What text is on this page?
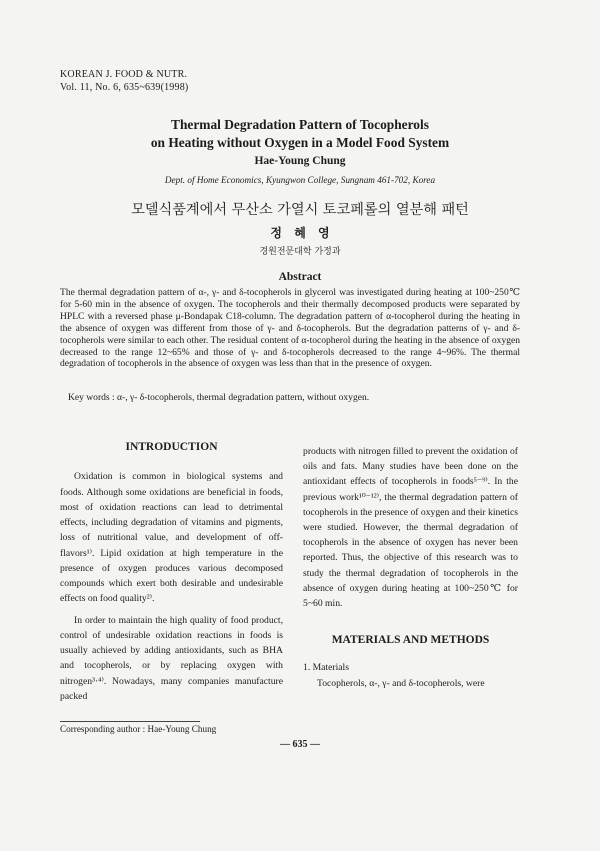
KOREAN J. FOOD & NUTR.
Vol. 11, No. 6, 635~639(1998)
Thermal Degradation Pattern of Tocopherols
on Heating without Oxygen in a Model Food System
Hae-Young Chung
Dept. of Home Economics, Kyungwon College, Sungnam 461-702, Korea
모델식품계에서 무산소 가열시 토코페롤의 열분해 패턴
정 혜 영
경원전문대학 가정과
Abstract
The thermal degradation pattern of α-, γ- and δ-tocopherols in glycerol was investigated during heating at 100~250℃ for 5-60 min in the absence of oxygen. The tocopherols and their thermally decomposed products were separated by HPLC with a reversed phase μ-Bondapak C18-column. The degradation pattern of α-tocopherol during the heating in the absence of oxygen was different from those of γ- and δ-tocopherols. But the degradation patterns of γ- and δ-tocopherols were similar to each other. The residual content of α-tocopherol during the heating in the absence of oxygen decreased to the range 12~65% and those of γ- and δ-tocopherols decreased to the range 4~96%. The thermal degradation of tocopherols in the absence of oxygen was less than that in the presence of oxygen.
Key words : α-, γ- δ-tocopherols, thermal degradation pattern, without oxygen.
INTRODUCTION

Oxidation is common in biological systems and foods. Although some oxidations are beneficial in foods, most of oxidation reactions can lead to detrimental effects, including degradation of vitamins and pigments, loss of nutritional value, and development of off-flavors¹⁾. Lipid oxidation at high temperature in the presence of oxygen produces various decomposed compounds which exert both desirable and undesirable effects on food quality²⁾.

In order to maintain the high quality of food product, control of undesirable oxidation reactions in foods is usually achieved by adding antioxidants, such as BHA and tocopherols, or by replacing oxygen with nitrogen³·⁴⁾. Nowadays, many companies manufacture packed

products with nitrogen filled to prevent the oxidation of oils and fats. Many studies have been done on the antioxidant effects of tocopherols in foods⁵⁻⁹⁾. In the previous work¹⁰⁻¹²⁾, the thermal degradation pattern of tocopherols in the presence of oxygen and their kinetics were studied. However, the thermal degradation of tocopherols in the absence of oxygen has never been reported. Thus, the objective of this research was to study the thermal degradation of tocopherols in the absence of oxygen during heating at 100~250℃ for 5~60 min.

MATERIALS AND METHODS

1. Materials

Tocopherols, α-, γ- and δ-tocopherols, were

Corresponding author : Hae-Young Chung
— 635 —
